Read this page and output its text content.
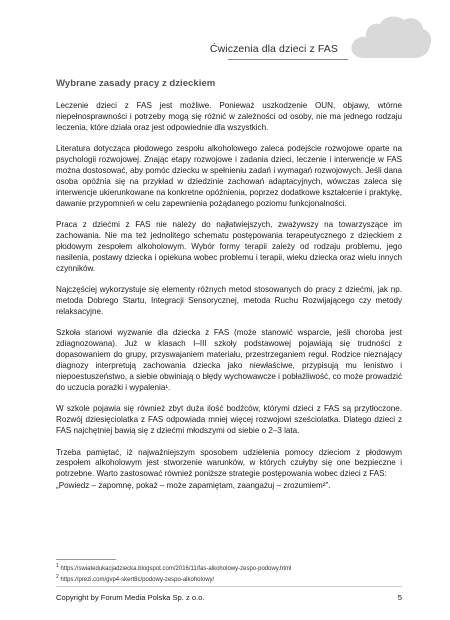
Ćwiczenia dla dzieci z FAS
Wybrane zasady pracy z dzieckiem

Leczenie dzieci z FAS jest możliwe. Ponieważ uszkodzenie OUN, objawy, wtórne niepełnosprawności i potrzeby mogą się różnić w zależności od osoby, nie ma jednego rodzaju leczenia, które działa oraz jest odpowiednie dla wszystkich.

Literatura dotycząca płodowego zespołu alkoholowego zaleca podejście rozwojowe oparte na psychologii rozwojowej. Znając etapy rozwojowe i zadania dzieci, leczenie i interwencje w FAS można dostosować, aby pomóc dziecku w spełnieniu zadań i wymagań rozwojowych. Jeśli dana osoba opóźnia się na przykład w dziedzinie zachowań adaptacyjnych, wówczas zaleca się interwencje ukierunkowane na konkretne opóźnienia, poprzez dodatkowe kształcenie i praktykę, dawanie przypomnień w celu zapewnienia pożądanego poziomu funkcjonalności.

Praca z dziećmi z FAS nie należy do najłatwiejszych, zważywszy na towarzyszące im zachowania. Nie ma też jednolitego schematu postępowania terapeutycznego z dzieckiem z płodowym zespołem alkoholowym. Wybór formy terapii zależy od rodzaju problemu, jego nasilenia, postawy dziecka i opiekuna wobec problemu i terapii, wieku dziecka oraz wielu innych czynników.

Najczęściej wykorzystuje się elementy różnych metod stosowanych do pracy z dziećmi, jak np. metoda Dobrego Startu, Integracji Sensorycznej, metoda Ruchu Rozwijającego czy metody relaksacyjne.

Szkoła stanowi wyzwanie dla dziecka z FAS (może stanowić wsparcie, jeśli choroba jest zdiagnozowana). Już w klasach I–III szkoły podstawowej pojawiają się trudności z dopasowaniem do grupy, przyswajaniem materiału, przestrzeganiem reguł. Rodzice nieznający diagnozy interpretują zachowania dziecka jako niewłaściwe, przypisują mu lenistwo i niepoestuszeństwo, a siebie obwiniają o błędy wychowawcze i pobłażliwość, co może prowadzić do uczucia porażki i wypalenia¹.

W szkole pojawia się również zbyt duża ilość bodźców, którymi dzieci z FAS są przytłoczone. Rozwój dziesięciolatka z FAS odpowiada mniej więcej rozwojowi sześciolatka. Dlatego dzieci z FAS najchętniej bawią się z dziećmi młodszymi od siebie o 2–3 lata.

Trzeba pamiętać, iż najważniejszym sposobem udzielenia pomocy dzieciom z płodowym zespołem alkoholowym jest stworzenie warunków, w których czułyby się one bezpieczne i potrzebne. Warto zastosować również poniższe strategie postępowania wobec dzieci z FAS:

„Powiedz – zapomnę, pokaż – może zapamiętam, zaangażuj – zrozumiem²”.

$^1$ https://swiatedukacjadziecka.blogspot.com/2016/11/fas-alkoholowy-zespo-podowy.html
$^2$ https://prezi.com/gvp4-skert8c/podowy-zespo-alkoholowy/
Copyright by Forum Media Polska Sp. z o.o.	5
